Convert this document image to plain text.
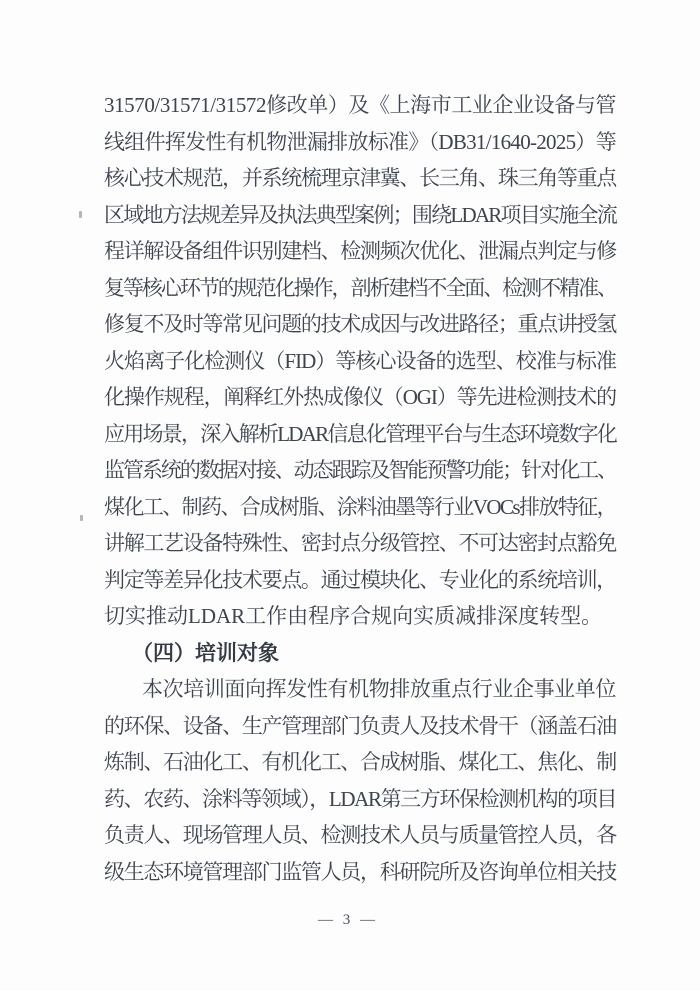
31570/31571/31572修改单）及《上海市工业企业设备与管
线组件挥发性有机物泄漏排放标准》（DB31/1640-2025）等
核心技术规范，并系统梳理京津冀、长三角、珠三角等重点
区域地方法规差异及执法典型案例；围绕LDAR项目实施全流
程详解设备组件识别建档、检测频次优化、泄漏点判定与修
复等核心环节的规范化操作，剖析建档不全面、检测不精准、
修复不及时等常见问题的技术成因与改进路径；重点讲授氢
火焰离子化检测仪（FID）等核心设备的选型、校准与标准
化操作规程，阐释红外热成像仪（OGI）等先进检测技术的
应用场景，深入解析LDAR信息化管理平台与生态环境数字化
监管系统的数据对接、动态跟踪及智能预警功能；针对化工、
煤化工、制药、合成树脂、涂料油墨等行业VOCs排放特征，
讲解工艺设备特殊性、密封点分级管控、不可达密封点豁免
判定等差异化技术要点。通过模块化、专业化的系统培训，
切实推动LDAR工作由程序合规向实质减排深度转型。
（四）培训对象
本次培训面向挥发性有机物排放重点行业企事业单位
的环保、设备、生产管理部门负责人及技术骨干（涵盖石油
炼制、石油化工、有机化工、合成树脂、煤化工、焦化、制
药、农药、涂料等领域），LDAR第三方环保检测机构的项目
负责人、现场管理人员、检测技术人员与质量管控人员，各
级生态环境管理部门监管人员，科研院所及咨询单位相关技
— 3 —
